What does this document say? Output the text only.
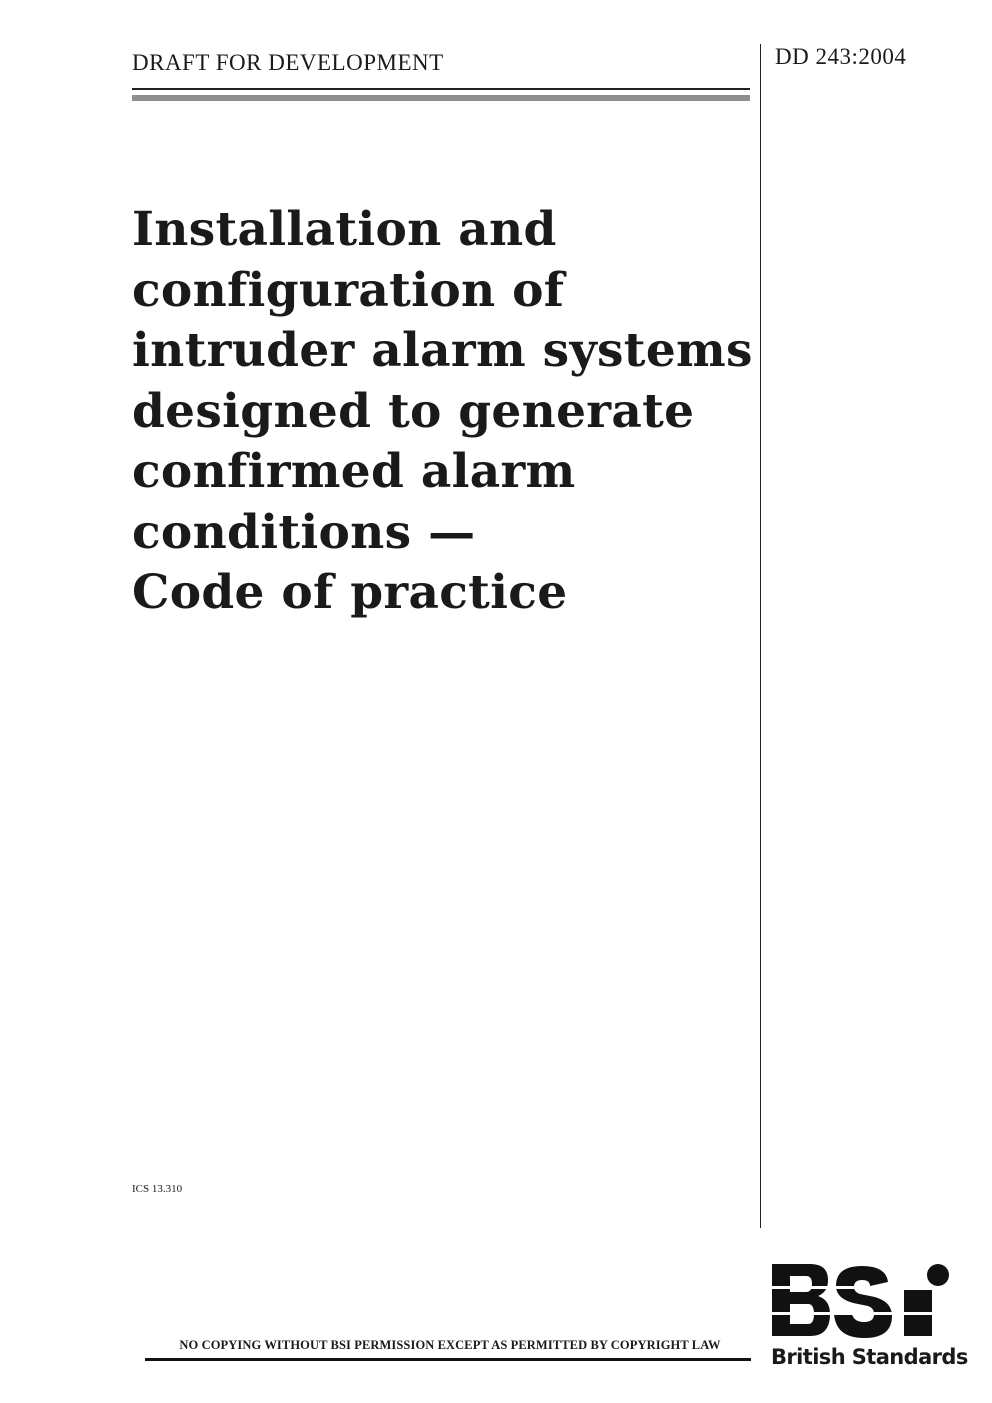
DRAFT FOR DEVELOPMENT	DD 243:2004
Installation and
configuration of
intruder alarm systems
designed to generate
confirmed alarm
conditions —
Code of practice
ICS 13.310
NO COPYING WITHOUT BSI PERMISSION EXCEPT AS PERMITTED BY COPYRIGHT LAW	British Standards
